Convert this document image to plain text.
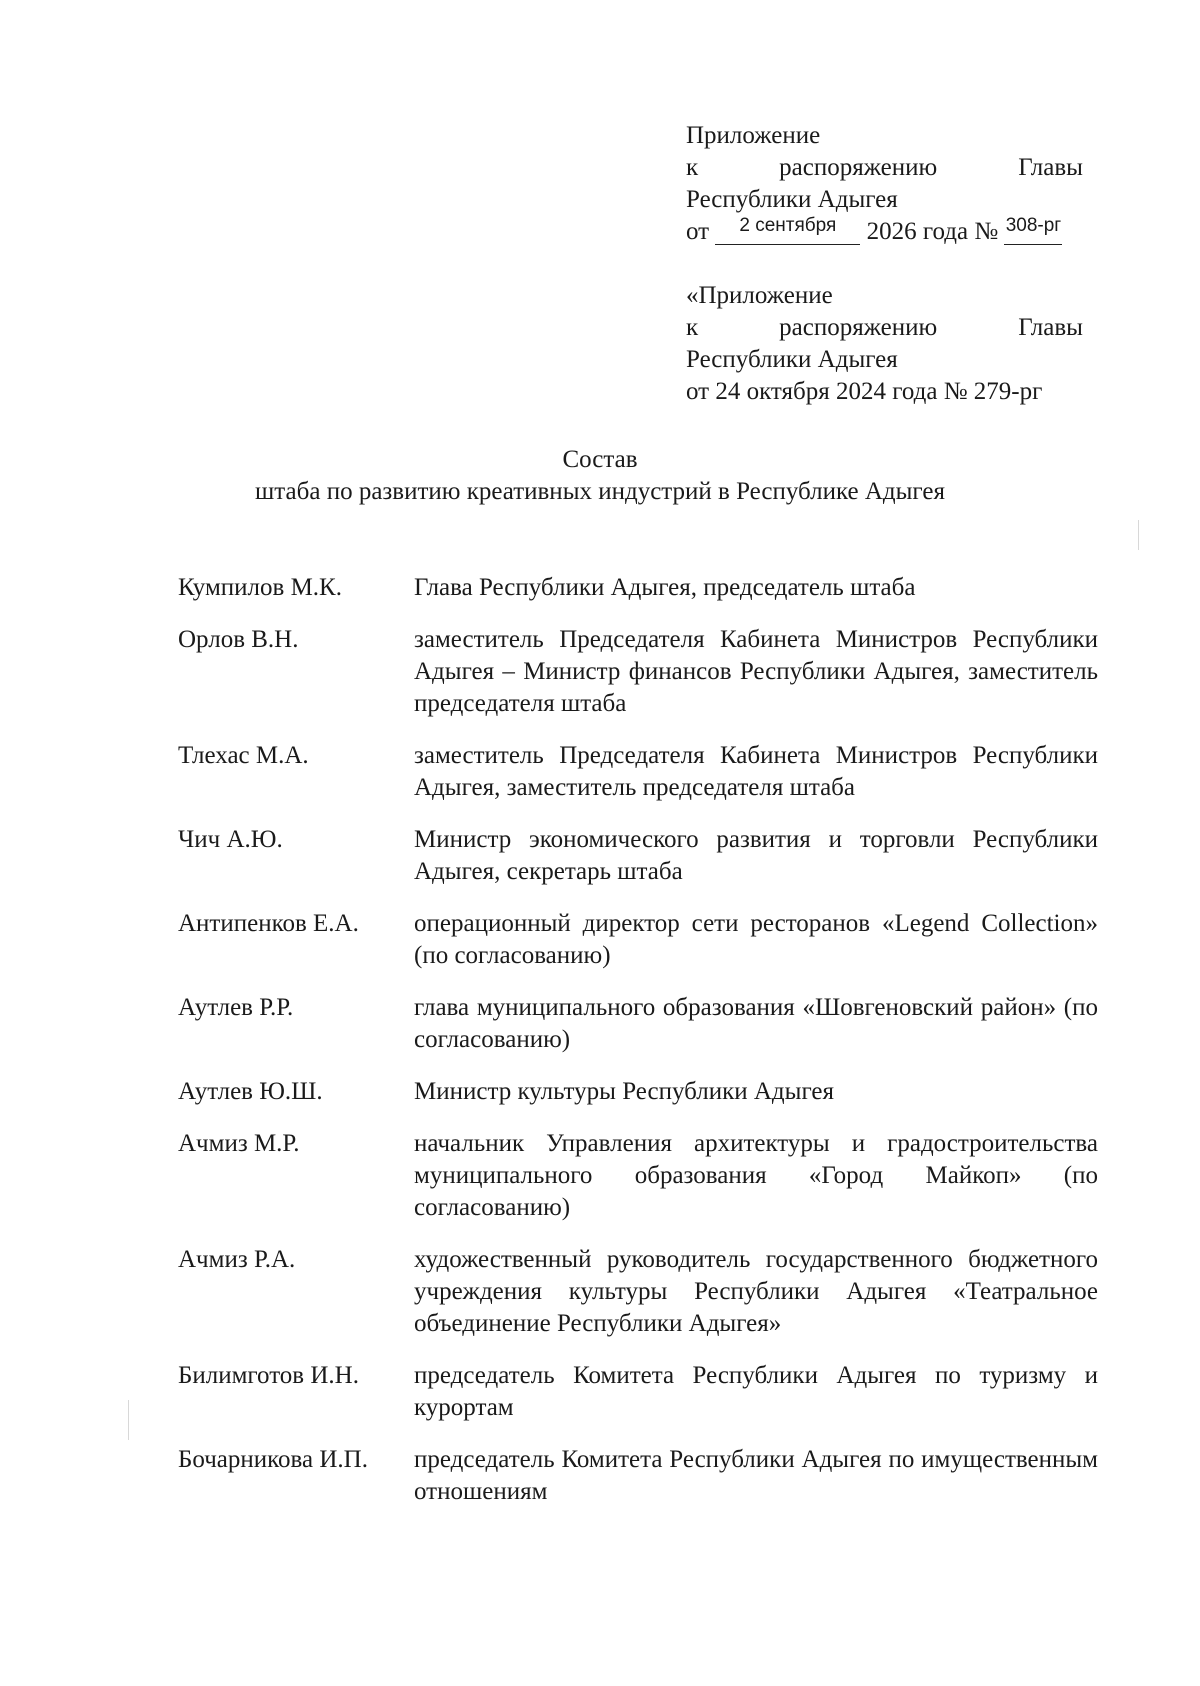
Приложение
к	распоряжению	Главы
Республики Адыгея
от $^{2 сентября}$ 2026 года № $^{308-рг}$
«Приложение
к	распоряжению	Главы
Республики Адыгея
от 24 октября 2024 года № 279-рг
Состав
штаба по развитию креативных индустрий в Республике Адыгея
Кумпилов М.К.	Глава Республики Адыгея, председатель штаба
Орлов В.Н.	заместитель Председателя Кабинета Министров Республики Адыгея – Министр финансов Республики Адыгея, заместитель председателя штаба
Тлехас М.А.	заместитель Председателя Кабинета Министров Республики Адыгея, заместитель председателя штаба
Чич А.Ю.	Министр экономического развития и торговли Республики Адыгея, секретарь штаба
Антипенков Е.А.	операционный директор сети ресторанов «Legend Collection» (по согласованию)
Аутлев Р.Р.	глава муниципального образования «Шовгеновский район» (по согласованию)
Аутлев Ю.Ш.	Министр культуры Республики Адыгея
Ачмиз М.Р.	начальник Управления архитектуры и градостроительства муниципального образования «Город Майкоп» (по согласованию)
Ачмиз Р.А.	художественный руководитель государственного бюджетного учреждения культуры Республики Адыгея «Театральное объединение Республики Адыгея»
Билимготов И.Н.	председатель Комитета Республики Адыгея по туризму и курортам
Бочарникова И.П.	председатель Комитета Республики Адыгея по имущественным отношениям
